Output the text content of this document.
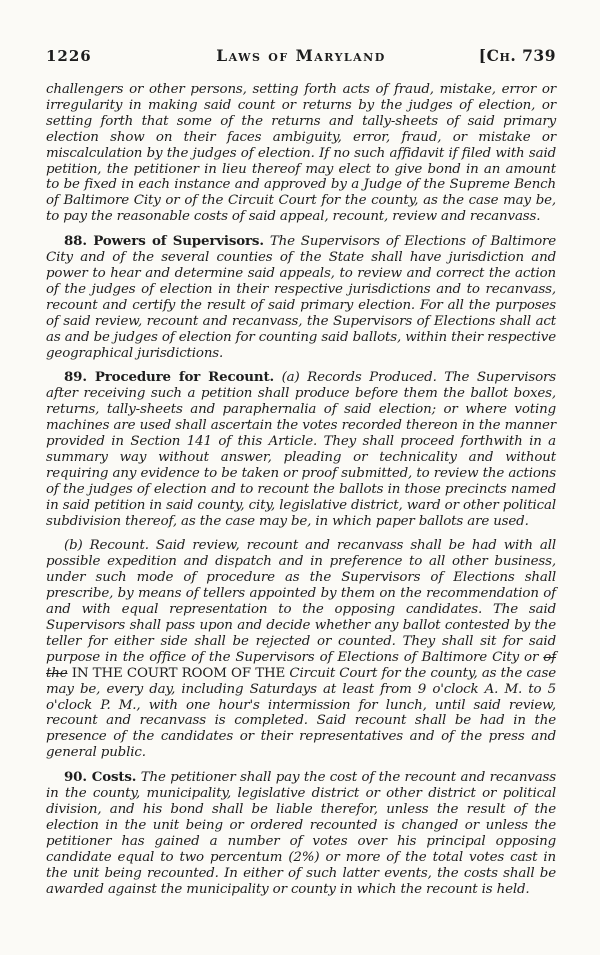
1226	Laws of Maryland	[Ch. 739

challengers or other persons, setting forth acts of fraud, mistake, error or irregularity in making said count or returns by the judges of election, or setting forth that some of the returns and tally-sheets of said primary election show on their faces ambiguity, error, fraud, or mistake or miscalculation by the judges of election. If no such affidavit if filed with said petition, the petitioner in lieu thereof may elect to give bond in an amount to be fixed in each instance and approved by a Judge of the Supreme Bench of Baltimore City or of the Circuit Court for the county, as the case may be, to pay the reasonable costs of said appeal, recount, review and recanvass.

88. Powers of Supervisors. The Supervisors of Elections of Baltimore City and of the several counties of the State shall have jurisdiction and power to hear and determine said appeals, to review and correct the action of the judges of election in their respective jurisdictions and to recanvass, recount and certify the result of said primary election. For all the purposes of said review, recount and recanvass, the Supervisors of Elections shall act as and be judges of election for counting said ballots, within their respective geographical jurisdictions.

89. Procedure for Recount. (a) Records Produced. The Supervisors after receiving such a petition shall produce before them the ballot boxes, returns, tally-sheets and paraphernalia of said election; or where voting machines are used shall ascertain the votes recorded thereon in the manner provided in Section 141 of this Article. They shall proceed forthwith in a summary way without answer, pleading or technicality and without requiring any evidence to be taken or proof submitted, to review the actions of the judges of election and to recount the ballots in those precincts named in said petition in said county, city, legislative district, ward or other political subdivision thereof, as the case may be, in which paper ballots are used.

(b) Recount. Said review, recount and recanvass shall be had with all possible expedition and dispatch and in preference to all other business, under such mode of procedure as the Supervisors of Elections shall prescribe, by means of tellers appointed by them on the recommendation of and with equal representation to the opposing candidates. The said Supervisors shall pass upon and decide whether any ballot contested by the teller for either side shall be rejected or counted. They shall sit for said purpose in the office of the Supervisors of Elections of Baltimore City or of the IN THE COURT ROOM OF THE Circuit Court for the county, as the case may be, every day, including Saturdays at least from 9 o'clock A. M. to 5 o'clock P. M., with one hour's intermission for lunch, until said review, recount and recanvass is completed. Said recount shall be had in the presence of the candidates or their representatives and of the press and general public.

90. Costs. The petitioner shall pay the cost of the recount and recanvass in the county, municipality, legislative district or other district or political division, and his bond shall be liable therefor, unless the result of the election in the unit being or ordered recounted is changed or unless the petitioner has gained a number of votes over his principal opposing candidate equal to two percentum (2%) or more of the total votes cast in the unit being recounted. In either of such latter events, the costs shall be awarded against the municipality or county in which the recount is held.
